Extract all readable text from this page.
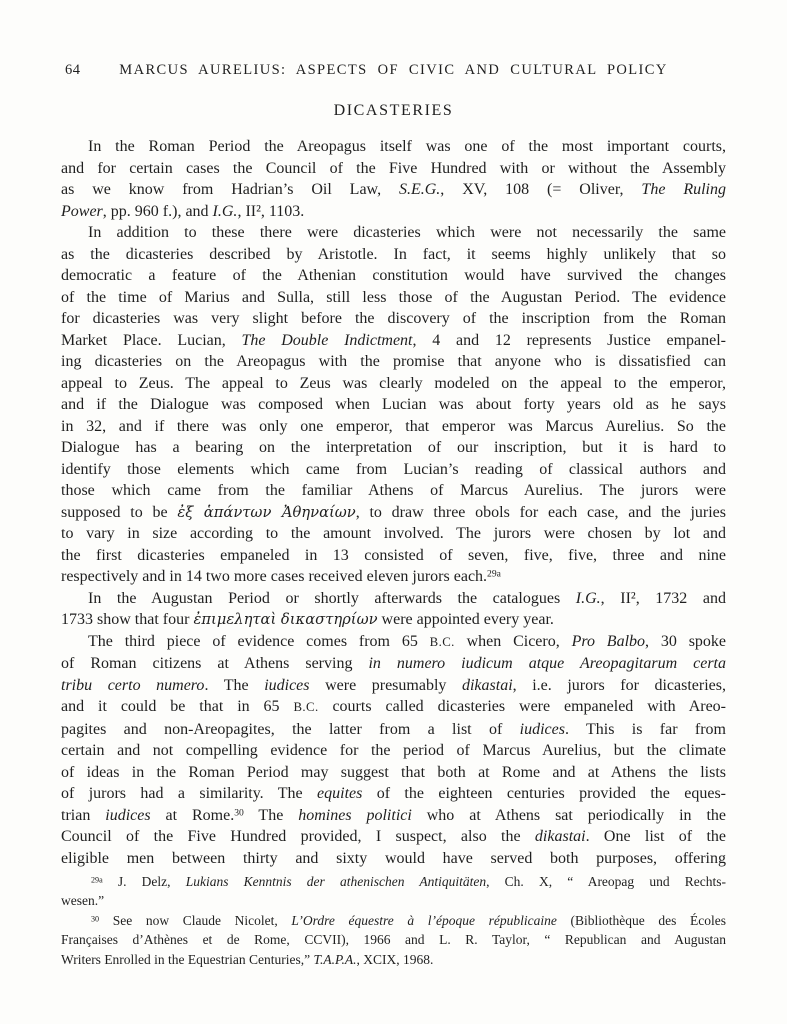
64	MARCUS AURELIUS: ASPECTS OF CIVIC AND CULTURAL POLICY
DICASTERIES
In the Roman Period the Areopagus itself was one of the most important courts,
and for certain cases the Council of the Five Hundred with or without the Assembly
as we know from Hadrian’s Oil Law, S.E.G., XV, 108 (= Oliver, The Ruling
Power, pp. 960 f.), and I.G., II², 1103.
In addition to these there were dicasteries which were not necessarily the same
as the dicasteries described by Aristotle. In fact, it seems highly unlikely that so
democratic a feature of the Athenian constitution would have survived the changes
of the time of Marius and Sulla, still less those of the Augustan Period. The evidence
for dicasteries was very slight before the discovery of the inscription from the Roman
Market Place. Lucian, The Double Indictment, 4 and 12 represents Justice empanel-
ing dicasteries on the Areopagus with the promise that anyone who is dissatisfied can
appeal to Zeus. The appeal to Zeus was clearly modeled on the appeal to the emperor,
and if the Dialogue was composed when Lucian was about forty years old as he says
in 32, and if there was only one emperor, that emperor was Marcus Aurelius. So the
Dialogue has a bearing on the interpretation of our inscription, but it is hard to
identify those elements which came from Lucian’s reading of classical authors and
those which came from the familiar Athens of Marcus Aurelius. The jurors were
supposed to be ἐξ ἁπάντων Ἀθηναίων, to draw three obols for each case, and the juries
to vary in size according to the amount involved. The jurors were chosen by lot and
the first dicasteries empaneled in 13 consisted of seven, five, five, three and nine
respectively and in 14 two more cases received eleven jurors each.$^{29a}$
In the Augustan Period or shortly afterwards the catalogues I.G., II², 1732 and
1733 show that four ἐπιμεληταὶ δικαστηρίων were appointed every year.
The third piece of evidence comes from 65 B.C. when Cicero, Pro Balbo, 30 spoke
of Roman citizens at Athens serving in numero iudicum atque Areopagitarum certa
tribu certo numero. The iudices were presumably dikastai, i.e. jurors for dicasteries,
and it could be that in 65 B.C. courts called dicasteries were empaneled with Areo-
pagites and non-Areopagites, the latter from a list of iudices. This is far from
certain and not compelling evidence for the period of Marcus Aurelius, but the climate
of ideas in the Roman Period may suggest that both at Rome and at Athens the lists
of jurors had a similarity. The equites of the eighteen centuries provided the eques-
trian iudices at Rome.$^{30}$ The homines politici who at Athens sat periodically in the
Council of the Five Hundred provided, I suspect, also the dikastai. One list of the
eligible men between thirty and sixty would have served both purposes, offering
$^{29a}$ J. Delz, Lukians Kenntnis der athenischen Antiquitäten, Ch. X, “ Areopag und Rechts-
wesen.”
$^{30}$ See now Claude Nicolet, L’Ordre équestre à l’époque républicaine (Bibliothèque des Écoles
Françaises d’Athènes et de Rome, CCVII), 1966 and L. R. Taylor, “ Republican and Augustan
Writers Enrolled in the Equestrian Centuries,” T.A.P.A., XCIX, 1968.
